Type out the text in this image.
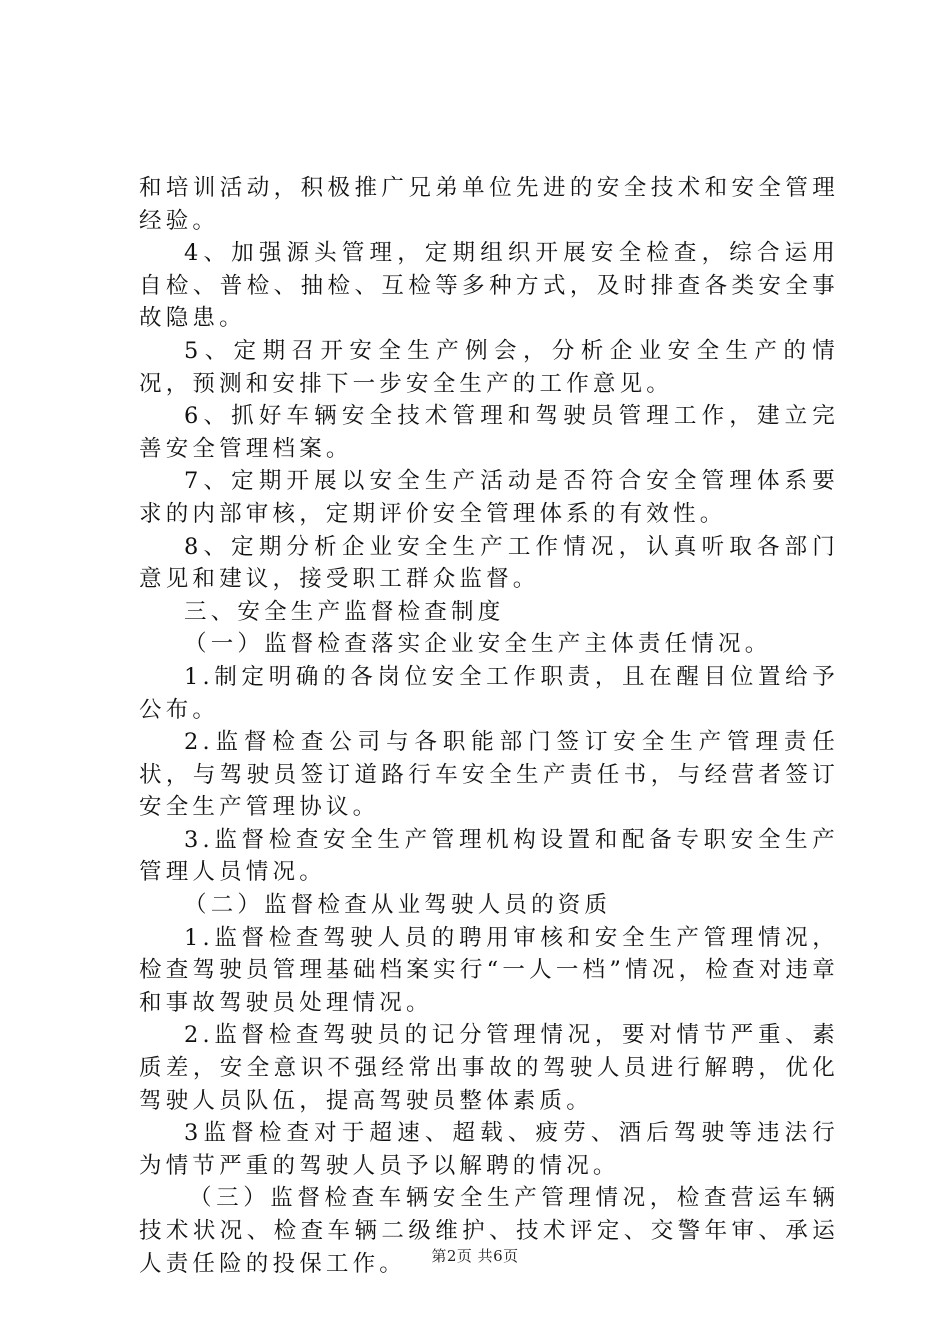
和培训活动，积极推广兄弟单位先进的安全技术和安全管理经验。

4、加强源头管理，定期组织开展安全检查，综合运用自检、普检、抽检、互检等多种方式，及时排查各类安全事故隐患。

5、定期召开安全生产例会，分析企业安全生产的情况，预测和安排下一步安全生产的工作意见。

6、抓好车辆安全技术管理和驾驶员管理工作，建立完善安全管理档案。

7、定期开展以安全生产活动是否符合安全管理体系要求的内部审核，定期评价安全管理体系的有效性。

8、定期分析企业安全生产工作情况，认真听取各部门意见和建议，接受职工群众监督。

三、安全生产监督检查制度

（一）监督检查落实企业安全生产主体责任情况。

1.制定明确的各岗位安全工作职责，且在醒目位置给予公布。

2.监督检查公司与各职能部门签订安全生产管理责任状，与驾驶员签订道路行车安全生产责任书，与经营者签订安全生产管理协议。

3.监督检查安全生产管理机构设置和配备专职安全生产管理人员情况。

（二）监督检查从业驾驶人员的资质

1.监督检查驾驶人员的聘用审核和安全生产管理情况，检查驾驶员管理基础档案实行“一人一档”情况，检查对违章和事故驾驶员处理情况。

2.监督检查驾驶员的记分管理情况，要对情节严重、素质差，安全意识不强经常出事故的驾驶人员进行解聘，优化驾驶人员队伍，提高驾驶员整体素质。

3监督检查对于超速、超载、疲劳、酒后驾驶等违法行为情节严重的驾驶人员予以解聘的情况。

（三）监督检查车辆安全生产管理情况，检查营运车辆技术状况、检查车辆二级维护、技术评定、交警年审、承运人责任险的投保工作。	第2页 共6页
